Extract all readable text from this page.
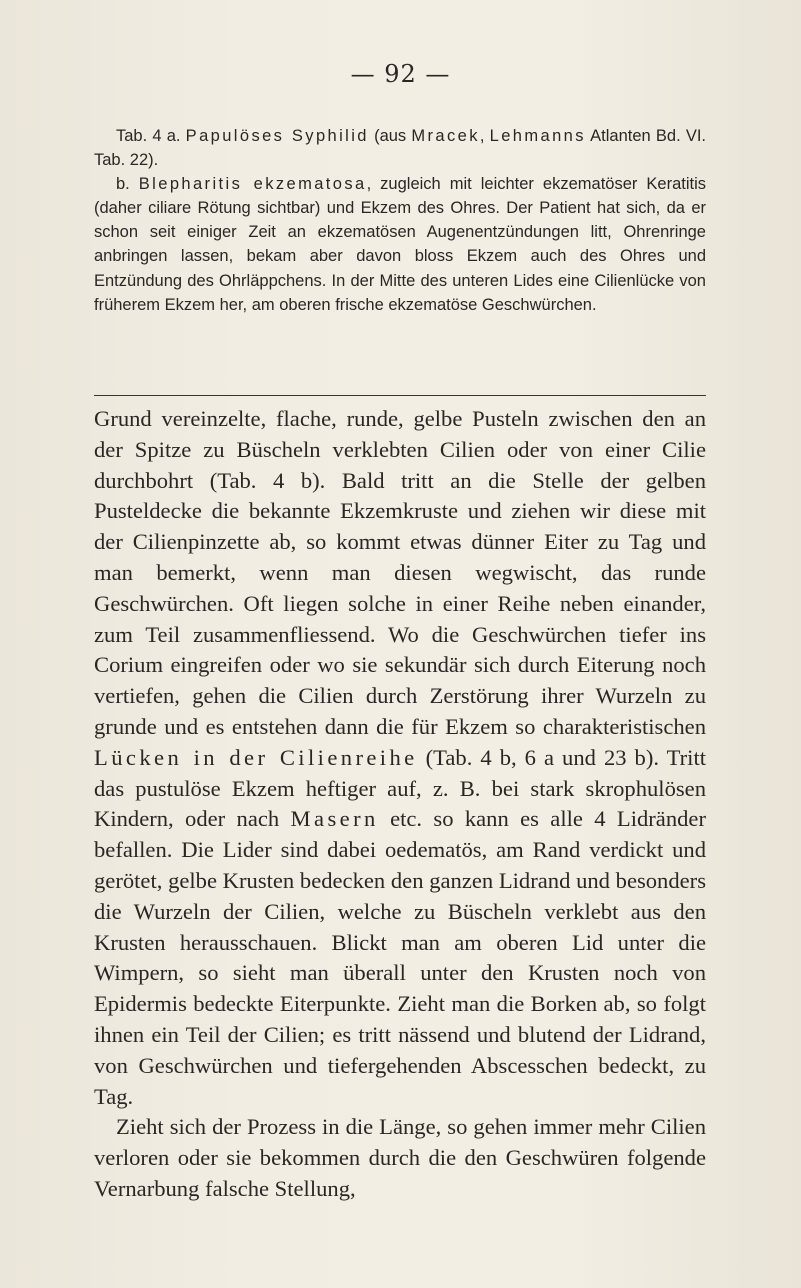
— 92 —

Tab. 4 a. Papulöses Syphilid (aus Mracek, Lehmanns Atlanten Bd. VI. Tab. 22).

b. Blepharitis ekzematosa, zugleich mit leichter ekzematöser Keratitis (daher ciliare Rötung sichtbar) und Ekzem des Ohres. Der Patient hat sich, da er schon seit einiger Zeit an ekzematösen Augenentzündungen litt, Ohrenringe anbringen lassen, bekam aber davon bloss Ekzem auch des Ohres und Entzündung des Ohrläppchens. In der Mitte des unteren Lides eine Cilienlücke von früherem Ekzem her, am oberen frische ekzematöse Geschwürchen.

Grund vereinzelte, flache, runde, gelbe Pusteln zwischen den an der Spitze zu Büscheln verklebten Cilien oder von einer Cilie durchbohrt (Tab. 4 b). Bald tritt an die Stelle der gelben Pusteldecke die bekannte Ekzemkruste und ziehen wir diese mit der Cilienpinzette ab, so kommt etwas dünner Eiter zu Tag und man bemerkt, wenn man diesen wegwischt, das runde Geschwürchen. Oft liegen solche in einer Reihe neben einander, zum Teil zusammenfliessend. Wo die Geschwürchen tiefer ins Corium eingreifen oder wo sie sekundär sich durch Eiterung noch vertiefen, gehen die Cilien durch Zerstörung ihrer Wurzeln zu grunde und es entstehen dann die für Ekzem so charakteristischen Lücken in der Cilienreihe (Tab. 4 b, 6 a und 23 b). Tritt das pustulöse Ekzem heftiger auf, z. B. bei stark skrophulösen Kindern, oder nach Masern etc. so kann es alle 4 Lidränder befallen. Die Lider sind dabei oedematös, am Rand verdickt und gerötet, gelbe Krusten bedecken den ganzen Lidrand und besonders die Wurzeln der Cilien, welche zu Büscheln verklebt aus den Krusten herausschauen. Blickt man am oberen Lid unter die Wimpern, so sieht man überall unter den Krusten noch von Epidermis bedeckte Eiterpunkte. Zieht man die Borken ab, so folgt ihnen ein Teil der Cilien; es tritt nässend und blutend der Lidrand, von Geschwürchen und tiefergehenden Abscesschen bedeckt, zu Tag.

Zieht sich der Prozess in die Länge, so gehen immer mehr Cilien verloren oder sie bekommen durch die den Geschwüren folgende Vernarbung falsche Stellung,
